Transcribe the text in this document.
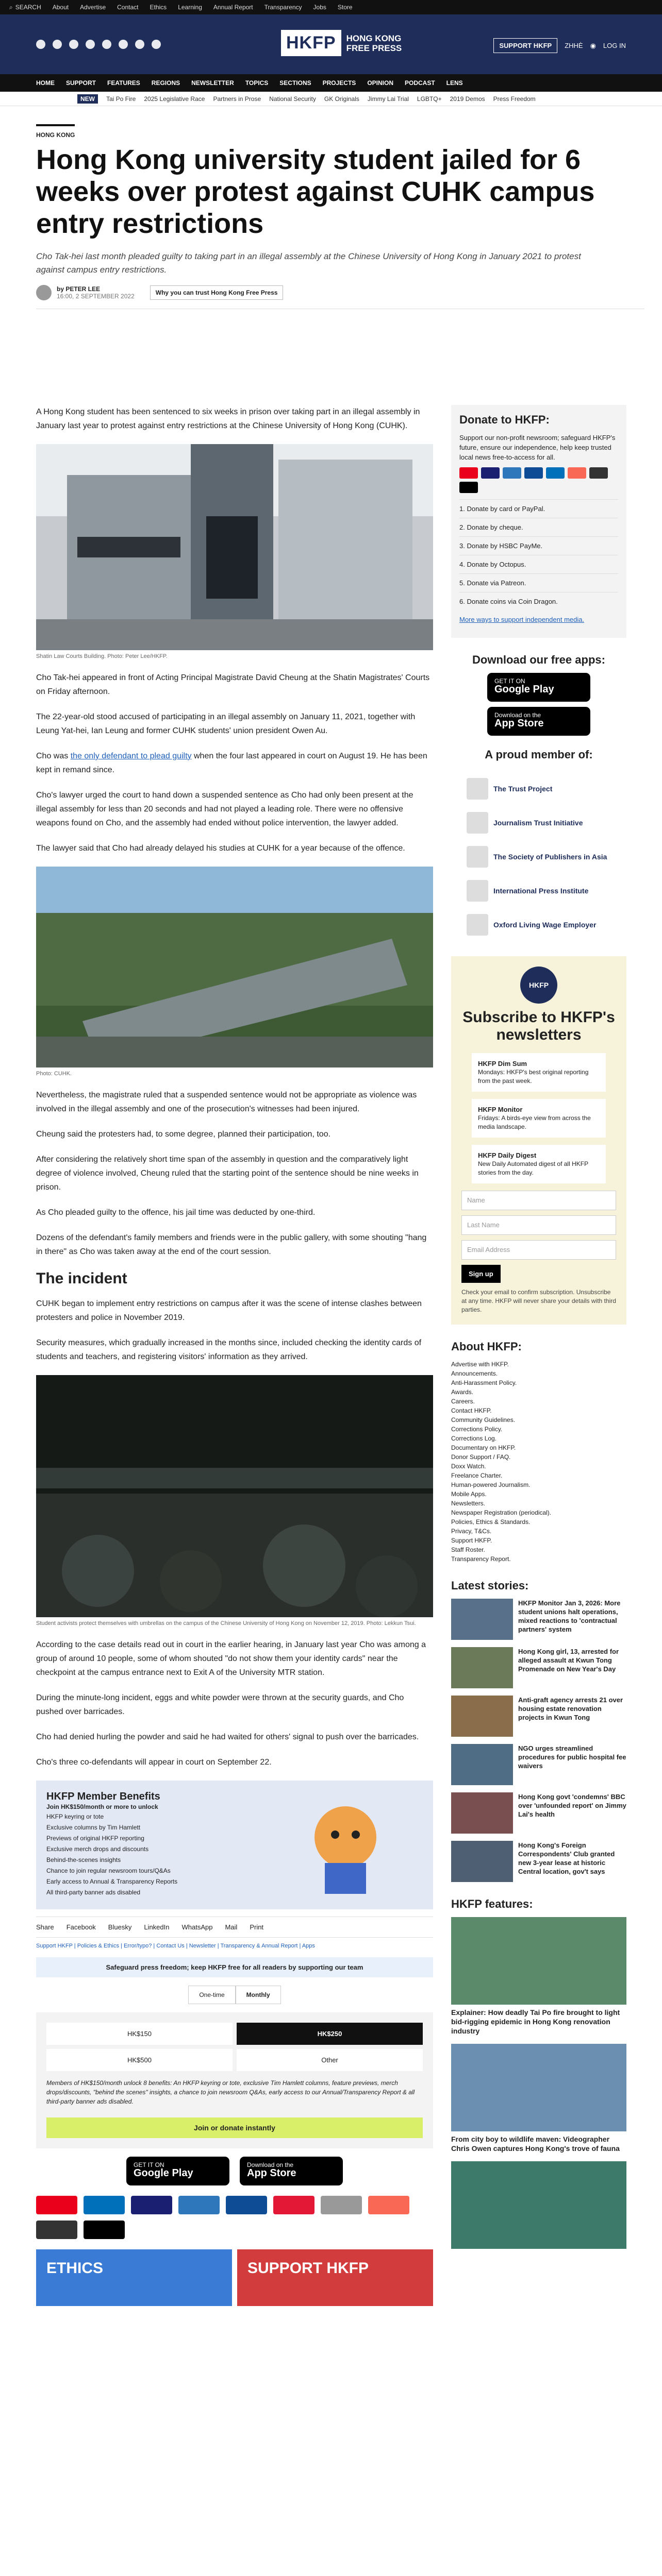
⌕ SEARCH About Advertise Contact Ethics Learning Annual Report Transparency Jobs Store
HKFP	HONG KONG
FREE PRESS	SUPPORT HKFP	ZHHÈ ◉ LOG IN
HOME SUPPORT FEATURES REGIONS NEWSLETTER TOPICS SECTIONS PROJECTS OPINION PODCAST LENS
NEW	Tai Po Fire 2025 Legislative Race Partners in Prose National Security GK Originals Jimmy Lai Trial LGBTQ+ 2019 Demos Press Freedom
HONG KONG
Hong Kong university student jailed for 6 weeks over protest against CUHK campus entry restrictions

Cho Tak-hei last month pleaded guilty to taking part in an illegal assembly at the Chinese University of Hong Kong in January 2021 to protest against campus entry restrictions.

by PETER LEE
16:00, 2 SEPTEMBER 2022	Why you can trust Hong Kong Free Press

A Hong Kong student has been sentenced to six weeks in prison over taking part in an illegal assembly in January last year to protest against entry restrictions at the Chinese University of Hong Kong (CUHK).

Shatin Law Courts Building. Photo: Peter Lee/HKFP.

Cho Tak-hei appeared in front of Acting Principal Magistrate David Cheung at the Shatin Magistrates' Courts on Friday afternoon.

The 22-year-old stood accused of participating in an illegal assembly on January 11, 2021, together with Leung Yat-hei, Ian Leung and former CUHK students' union president Owen Au.

Cho was the only defendant to plead guilty when the four last appeared in court on August 19. He has been kept in remand since.

Cho's lawyer urged the court to hand down a suspended sentence as Cho had only been present at the illegal assembly for less than 20 seconds and had not played a leading role. There were no offensive weapons found on Cho, and the assembly had ended without police intervention, the lawyer added.

The lawyer said that Cho had already delayed his studies at CUHK for a year because of the offence.

Photo: CUHK.

Nevertheless, the magistrate ruled that a suspended sentence would not be appropriate as violence was involved in the illegal assembly and one of the prosecution's witnesses had been injured.

Cheung said the protesters had, to some degree, planned their participation, too.

After considering the relatively short time span of the assembly in question and the comparatively light degree of violence involved, Cheung ruled that the starting point of the sentence should be nine weeks in prison.

As Cho pleaded guilty to the offence, his jail time was deducted by one-third.

Dozens of the defendant's family members and friends were in the public gallery, with some shouting "hang in there" as Cho was taken away at the end of the court session.

The incident

CUHK began to implement entry restrictions on campus after it was the scene of intense clashes between protesters and police in November 2019.

Security measures, which gradually increased in the months since, included checking the identity cards of students and teachers, and registering visitors' information as they arrived.

Student activists protect themselves with umbrellas on the campus of the Chinese University of Hong Kong on November 12, 2019. Photo: Lekkun Tsui.

According to the case details read out in court in the earlier hearing, in January last year Cho was among a group of around 10 people, some of whom shouted "do not show them your identity cards" near the checkpoint at the campus entrance next to Exit A of the University MTR station.

During the minute-long incident, eggs and white powder were thrown at the security guards, and Cho pushed over barricades.

Cho had denied hurling the powder and said he had waited for others' signal to push over the barricades.

Cho's three co-defendants will appear in court on September 22.

HKFP Member Benefits
Join HK$150/month or more to unlock
HKFP keyring or tote
Exclusive columns by Tim Hamlett
Previews of original HKFP reporting
Exclusive merch drops and discounts
Behind-the-scenes insights
Chance to join regular newsroom tours/Q&As
Early access to Annual & Transparency Reports
All third-party banner ads disabled
Share Facebook Bluesky LinkedIn WhatsApp Mail Print
Support HKFP | Policies & Ethics | Error/typo? | Contact Us | Newsletter | Transparency & Annual Report | Apps
Safeguard press freedom; keep HKFP free for all readers by supporting our team
One-time	Monthly
HK$150	HK$250
HK$500	Other

Members of HK$150/month unlock 8 benefits: An HKFP keyring or tote, exclusive Tim Hamlett columns, feature previews, merch drops/discounts, "behind the scenes" insights, a chance to join newsroom Q&As, early access to our Annual/Transparency Report & all third-party banner ads disabled.

Join or donate instantly
GET IT ON
Google Play
Download on the
App Store
ETHICS	SUPPORT HKFP
Donate to HKFP:

Support our non-profit newsroom; safeguard HKFP's future, ensure our independence, help keep trusted local news free-to-access for all.

1. Donate by card or PayPal.
2. Donate by cheque.
3. Donate by HSBC PayMe.
4. Donate by Octopus.
5. Donate via Patreon.
6. Donate coins via Coin Dragon.

More ways to support independent media.

Download our free apps:
GET IT ON
Google Play
Download on the
App Store
A proud member of:
The Trust Project
Journalism Trust Initiative
The Society of Publishers in Asia
International Press Institute
Oxford Living Wage Employer
HKFP
Subscribe to HKFP's newsletters
HKFP Dim Sum
Mondays: HKFP's best original reporting from the past week.
HKFP Monitor
Fridays: A birds-eye view from across the media landscape.
HKFP Daily Digest
New Daily Automated digest of all HKFP stories from the day.
Name
Last Name
Email Address
Sign up
Check your email to confirm subscription. Unsubscribe at any time. HKFP will never share your details with third parties.
About HKFP:
Advertise with HKFP.
Announcements.
Anti-Harassment Policy.
Awards.
Careers.
Contact HKFP.
Community Guidelines.
Corrections Policy.
Corrections Log.
Documentary on HKFP.
Donor Support / FAQ.
Doxx Watch.
Freelance Charter.
Human-powered Journalism.
Mobile Apps.
Newsletters.
Newspaper Registration (periodical).
Policies, Ethics & Standards.
Privacy, T&Cs.
Support HKFP.
Staff Roster.
Transparency Report.
Latest stories:
HKFP Monitor Jan 3, 2026: More student unions halt operations, mixed reactions to 'contractual partners' system
Hong Kong girl, 13, arrested for alleged assault at Kwun Tong Promenade on New Year's Day
Anti-graft agency arrests 21 over housing estate renovation projects in Kwun Tong
NGO urges streamlined procedures for public hospital fee waivers
Hong Kong govt 'condemns' BBC over 'unfounded report' on Jimmy Lai's health
Hong Kong's Foreign Correspondents' Club granted new 3-year lease at historic Central location, gov't says
HKFP features:
Explainer: How deadly Tai Po fire brought to light bid-rigging epidemic in Hong Kong renovation industry
From city boy to wildlife maven: Videographer Chris Owen captures Hong Kong's trove of fauna
